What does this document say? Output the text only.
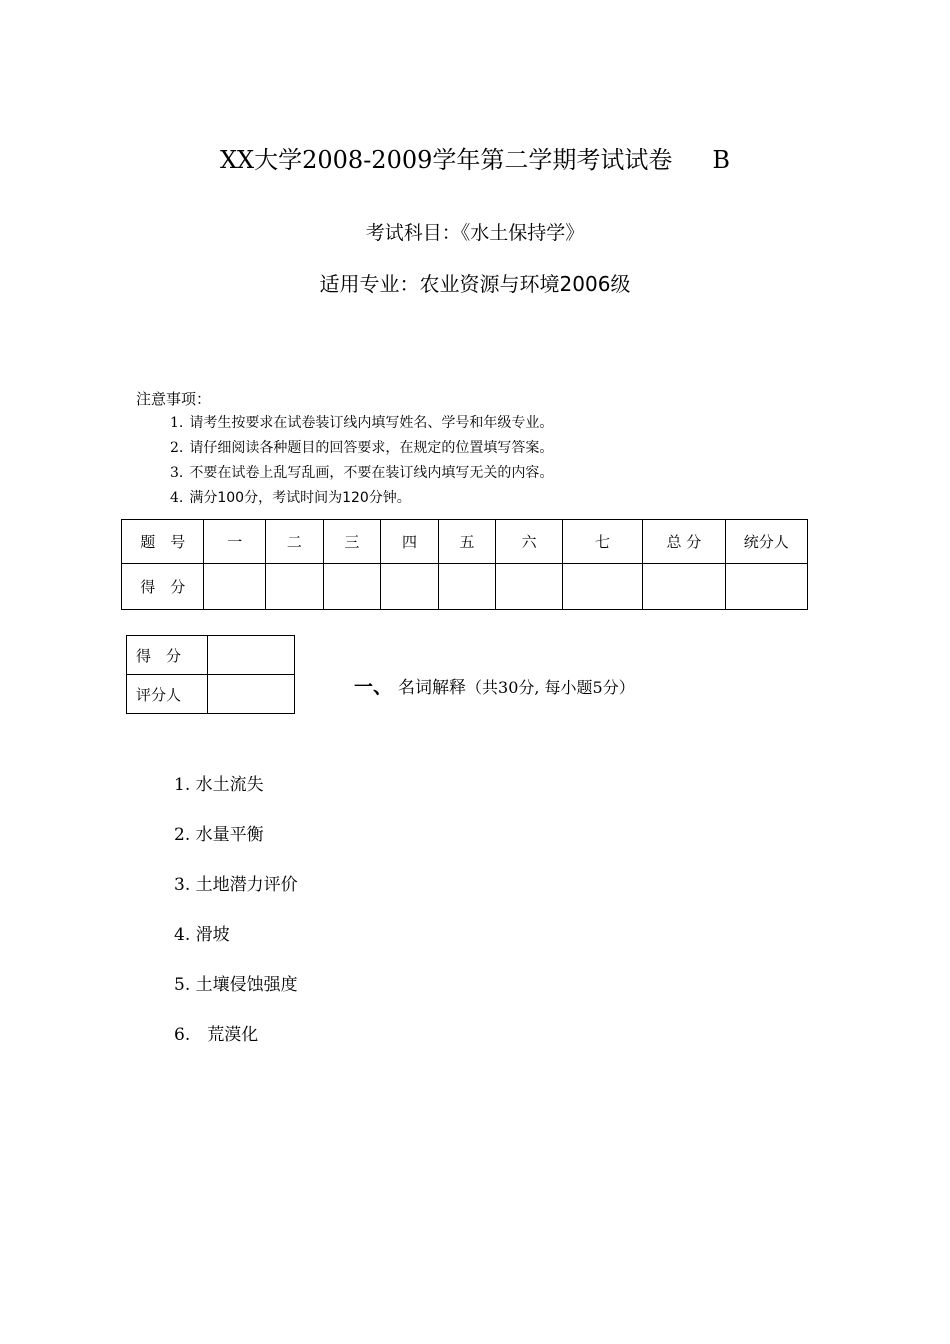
XX大学2008-2009学年第二学期考试试卷 B
考试科目：《水土保持学》
适用专业：农业资源与环境2006级
注意事项：
1. 请考生按要求在试卷装订线内填写姓名、学号和年级专业。
2. 请仔细阅读各种题目的回答要求，在规定的位置填写答案。
3. 不要在试卷上乱写乱画，不要在装订线内填写无关的内容。
4. 满分100分，考试时间为120分钟。
题　号	一	二	三	四	五	六	七	总 分	统分人
得　分									
得　分	
评分人		一、 名词解释（共30分, 每小题5分）
1. 水土流失
2. 水量平衡
3. 土地潜力评价
4. 滑坡
5. 土壤侵蚀强度
6.　荒漠化
